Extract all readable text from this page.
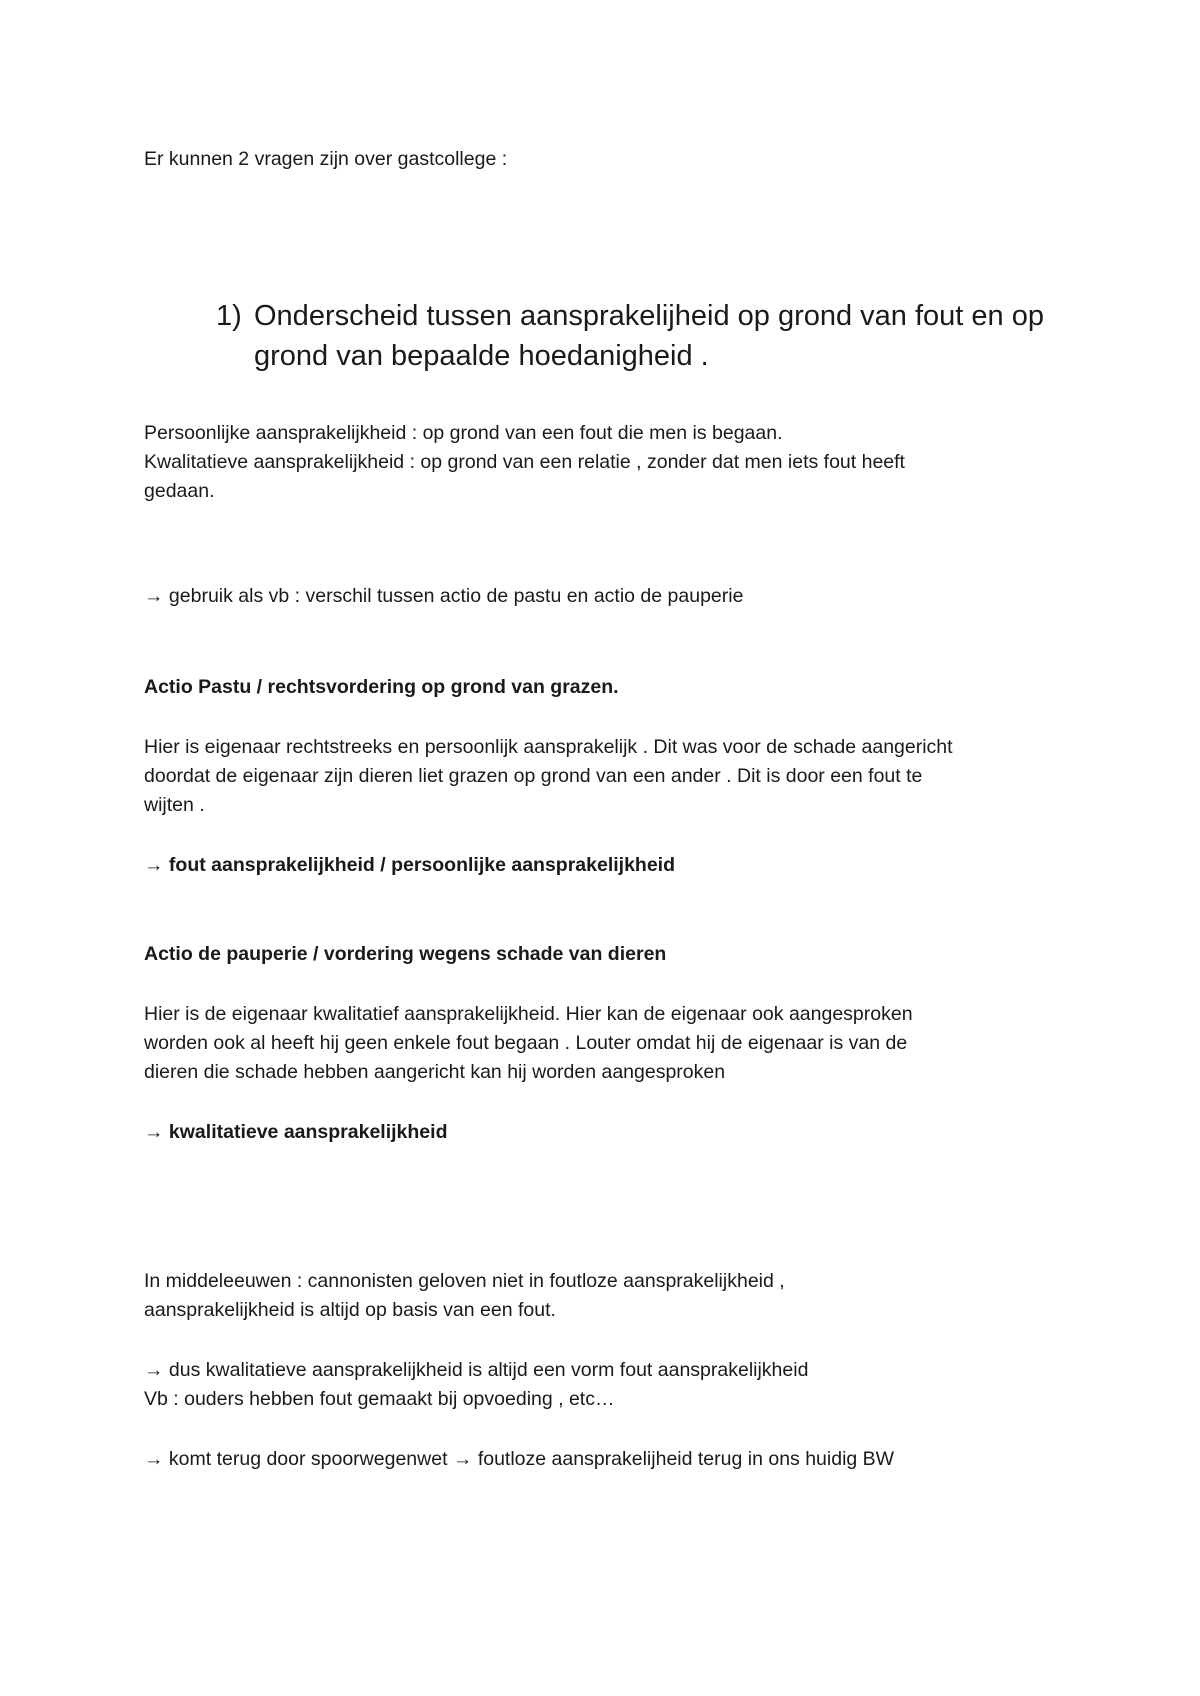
Er kunnen 2 vragen zijn over gastcollege :

1) Onderscheid tussen aansprakelijheid op grond van fout en op
grond van bepaalde hoedanigheid .

Persoonlijke aansprakelijkheid : op grond van een fout die men is begaan.

Kwalitatieve aansprakelijkheid : op grond van een relatie , zonder dat men iets fout heeft

gedaan.

→ gebruik als vb : verschil tussen actio de pastu en actio de pauperie

Actio Pastu / rechtsvordering op grond van grazen.

Hier is eigenaar rechtstreeks en persoonlijk aansprakelijk . Dit was voor de schade aangericht

doordat de eigenaar zijn dieren liet grazen op grond van een ander . Dit is door een fout te

wijten .

→ fout aansprakelijkheid / persoonlijke aansprakelijkheid

Actio de pauperie / vordering wegens schade van dieren

Hier is de eigenaar kwalitatief aansprakelijkheid. Hier kan de eigenaar ook aangesproken

worden ook al heeft hij geen enkele fout begaan . Louter omdat hij de eigenaar is van de

dieren die schade hebben aangericht kan hij worden aangesproken

→ kwalitatieve aansprakelijkheid

In middeleeuwen : cannonisten geloven niet in foutloze aansprakelijkheid ,

aansprakelijkheid is altijd op basis van een fout.

→ dus kwalitatieve aansprakelijkheid is altijd een vorm fout aansprakelijkheid

Vb : ouders hebben fout gemaakt bij opvoeding , etc…

→ komt terug door spoorwegenwet → foutloze aansprakelijheid terug in ons huidig BW
